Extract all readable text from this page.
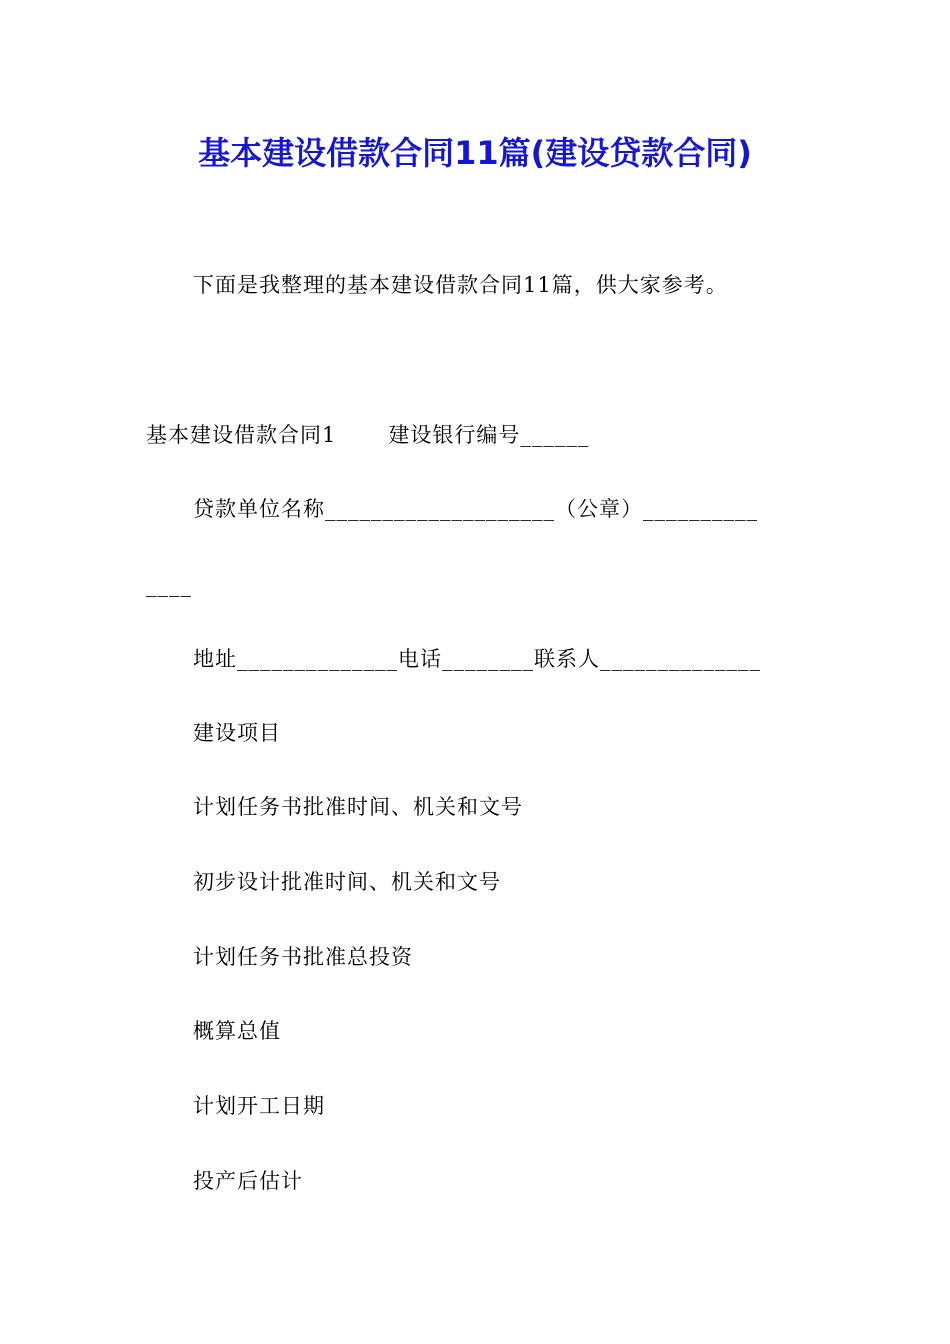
基本建设借款合同11篇(建设贷款合同)
下面是我整理的基本建设借款合同11篇，供大家参考。
基本建设借款合同1 建设银行编号______
贷款单位名称____________________（公章）__________
____
地址______________电话________联系人______________
建设项目
计划任务书批准时间、机关和文号
初步设计批准时间、机关和文号
计划任务书批准总投资
概算总值
计划开工日期
投产后估计
